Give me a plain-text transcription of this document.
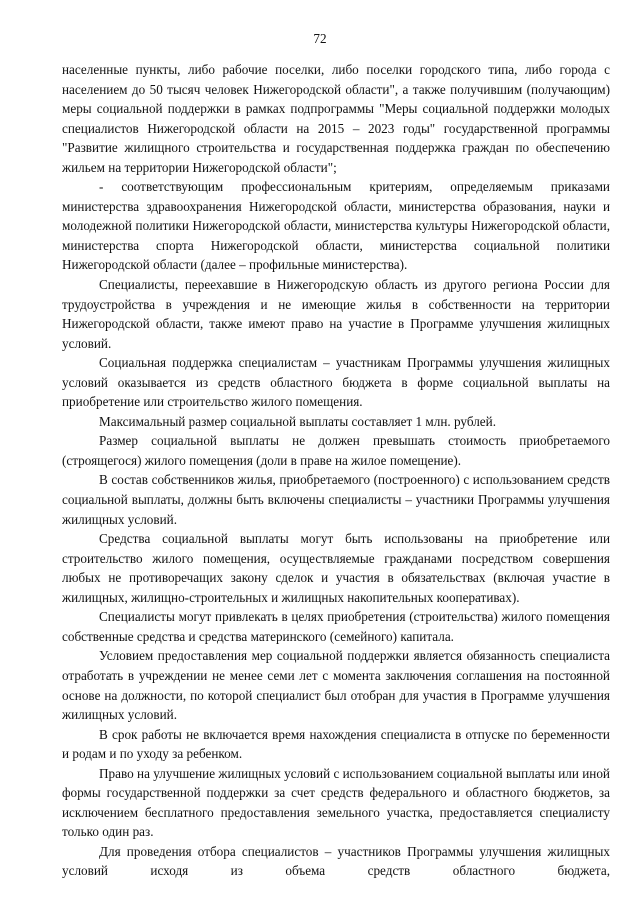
72

населенные пункты, либо рабочие поселки, либо поселки городского типа, либо города с населением до 50 тысяч человек Нижегородской области", а также получившим (получающим) меры социальной поддержки в рамках подпрограммы "Меры социальной поддержки молодых специалистов Нижегородской области на 2015 – 2023 годы" государственной программы "Развитие жилищного строительства и государственная поддержка граждан по обеспечению жильем на территории Нижегородской области";

- соответствующим профессиональным критериям, определяемым приказами министерства здравоохранения Нижегородской области, министерства образования, науки и молодежной политики Нижегородской области, министерства культуры Нижегородской области, министерства спорта Нижегородской области, министерства социальной политики Нижегородской области (далее – профильные министерства).

Специалисты, переехавшие в Нижегородскую область из другого региона России для трудоустройства в учреждения и не имеющие жилья в собственности на территории Нижегородской области, также имеют право на участие в Программе улучшения жилищных условий.

Социальная поддержка специалистам – участникам Программы улучшения жилищных условий оказывается из средств областного бюджета в форме социальной выплаты на приобретение или строительство жилого помещения.

Максимальный размер социальной выплаты составляет 1 млн. рублей.

Размер социальной выплаты не должен превышать стоимость приобретаемого (строящегося) жилого помещения (доли в праве на жилое помещение).

В состав собственников жилья, приобретаемого (построенного) с использованием средств социальной выплаты, должны быть включены специалисты – участники Программы улучшения жилищных условий.

Средства социальной выплаты могут быть использованы на приобретение или строительство жилого помещения, осуществляемые гражданами посредством совершения любых не противоречащих закону сделок и участия в обязательствах (включая участие в жилищных, жилищно-строительных и жилищных накопительных кооперативах).

Специалисты могут привлекать в целях приобретения (строительства) жилого помещения собственные средства и средства материнского (семейного) капитала.

Условием предоставления мер социальной поддержки является обязанность специалиста отработать в учреждении не менее семи лет с момента заключения соглашения на постоянной основе на должности, по которой специалист был отобран для участия в Программе улучшения жилищных условий.

В срок работы не включается время нахождения специалиста в отпуске по беременности и родам и по уходу за ребенком.

Право на улучшение жилищных условий с использованием социальной выплаты или иной формы государственной поддержки за счет средств федерального и областного бюджетов, за исключением бесплатного предоставления земельного участка, предоставляется специалисту только один раз.

Для проведения отбора специалистов – участников Программы улучшения жилищных условий исходя из объема средств областного бюджета,
